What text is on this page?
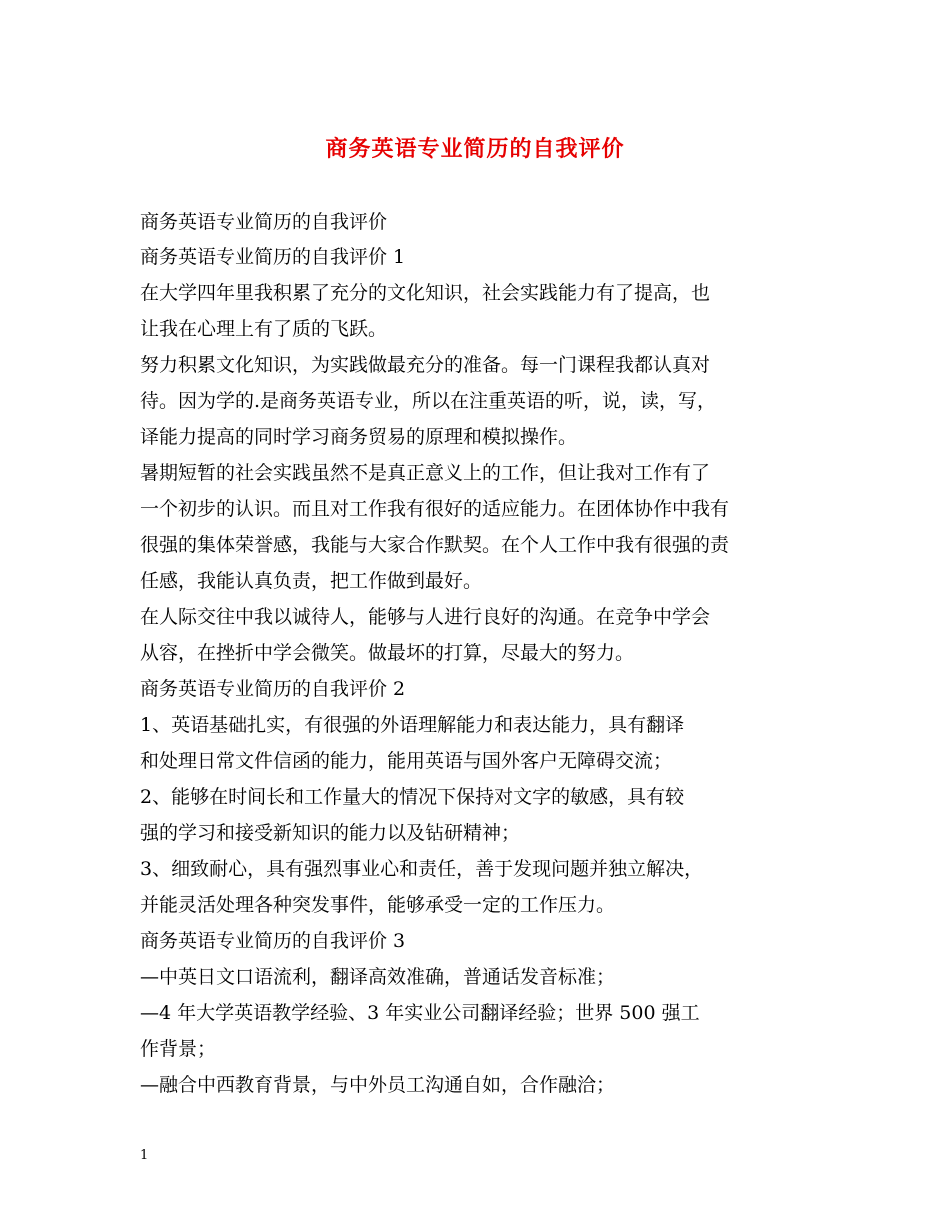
商务英语专业简历的自我评价
商务英语专业简历的自我评价
商务英语专业简历的自我评价 1
在大学四年里我积累了充分的文化知识，社会实践能力有了提高，也
让我在心理上有了质的飞跃。
努力积累文化知识，为实践做最充分的准备。每一门课程我都认真对
待。因为学的.是商务英语专业，所以在注重英语的听，说，读，写，
译能力提高的同时学习商务贸易的原理和模拟操作。
暑期短暂的社会实践虽然不是真正意义上的工作，但让我对工作有了
一个初步的认识。而且对工作我有很好的适应能力。在团体协作中我有
很强的集体荣誉感，我能与大家合作默契。在个人工作中我有很强的责
任感，我能认真负责，把工作做到最好。
在人际交往中我以诚待人，能够与人进行良好的沟通。在竞争中学会
从容，在挫折中学会微笑。做最坏的打算，尽最大的努力。
商务英语专业简历的自我评价 2
1、英语基础扎实，有很强的外语理解能力和表达能力，具有翻译
和处理日常文件信函的能力，能用英语与国外客户无障碍交流；
2、能够在时间长和工作量大的情况下保持对文字的敏感，具有较
强的学习和接受新知识的能力以及钻研精神；
3、细致耐心，具有强烈事业心和责任，善于发现问题并独立解决，
并能灵活处理各种突发事件，能够承受一定的工作压力。
商务英语专业简历的自我评价 3
—中英日文口语流利，翻译高效准确，普通话发音标准；
—4 年大学英语教学经验、3 年实业公司翻译经验；世界 500 强工
作背景；
—融合中西教育背景，与中外员工沟通自如，合作融洽；
1
